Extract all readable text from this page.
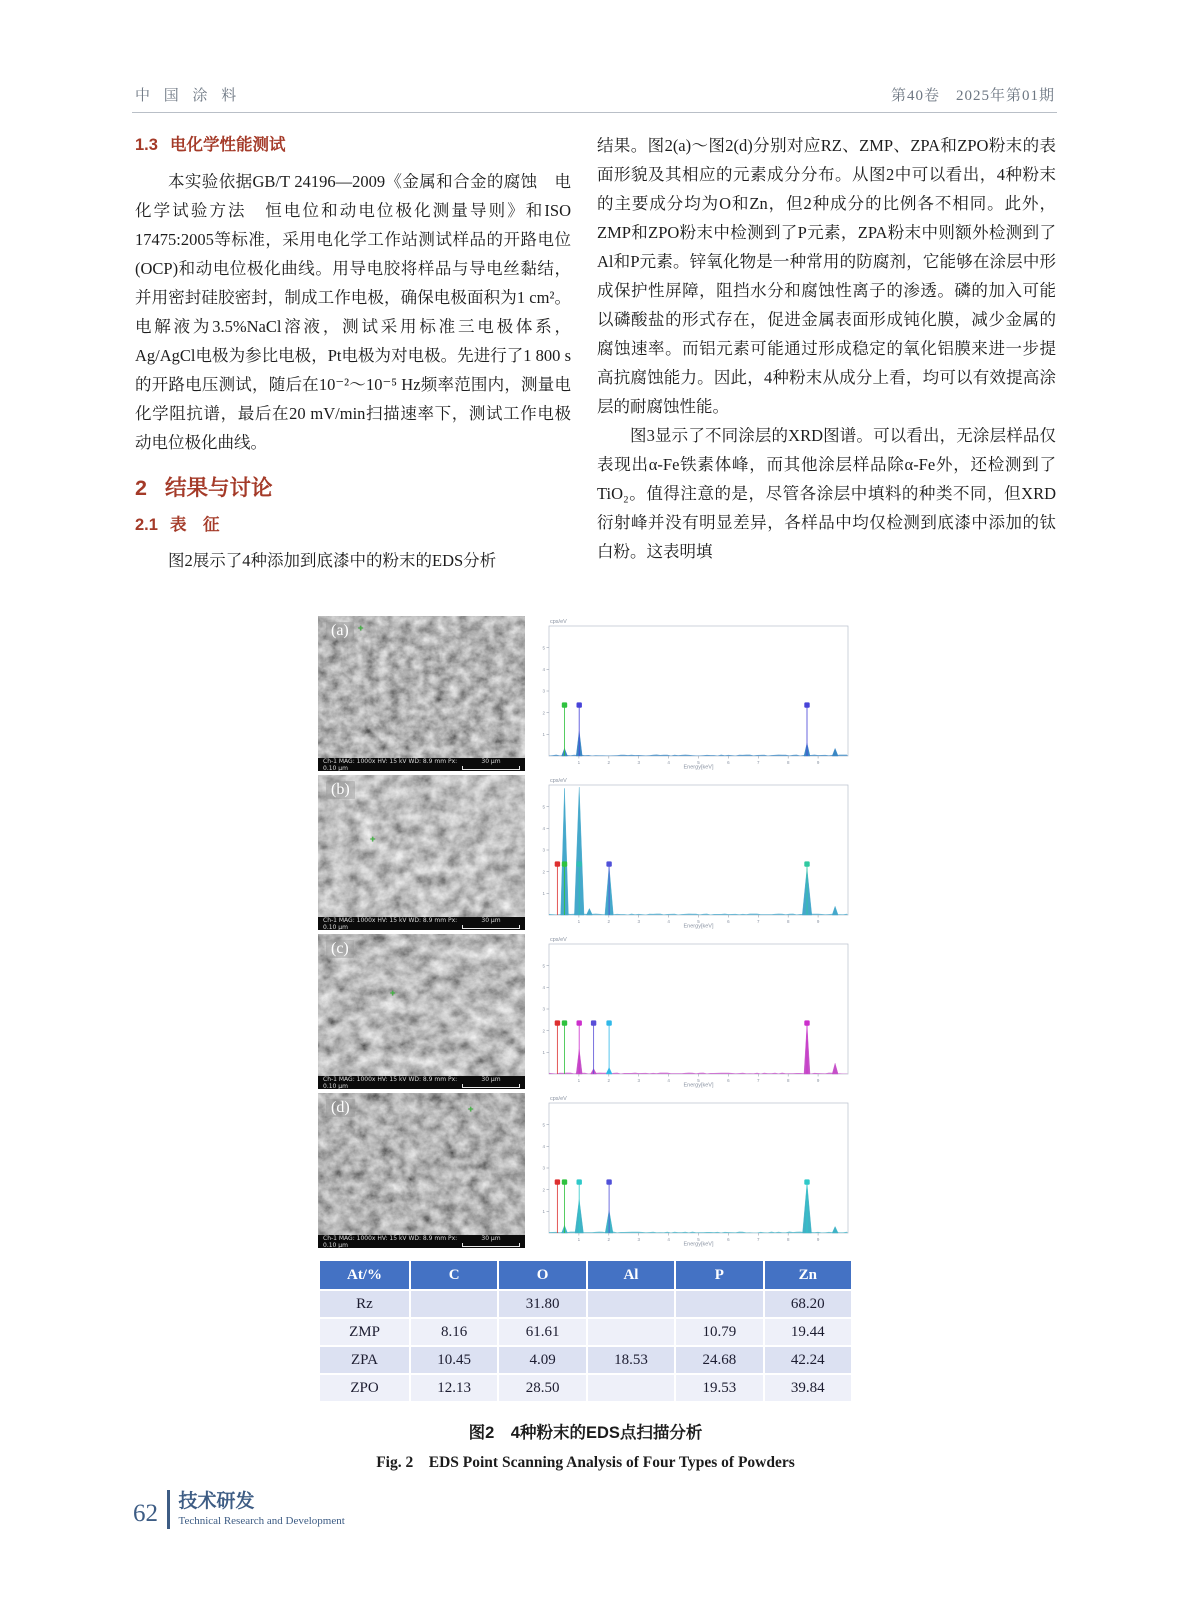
中 国 涂 料	第40卷　2025年第01期
1.3 电化学性能测试

本实验依据GB/T 24196—2009《金属和合金的腐蚀　电化学试验方法　恒电位和动电位极化测量导则》和ISO 17475:2005等标准，采用电化学工作站测试样品的开路电位(OCP)和动电位极化曲线。用导电胶将样品与导电丝黏结，并用密封硅胶密封，制成工作电极，确保电极面积为1 cm²。电解液为3.5%NaCl溶液，测试采用标准三电极体系，Ag/AgCl电极为参比电极，Pt电极为对电极。先进行了1 800 s的开路电压测试，随后在10⁻²～10⁻⁵ Hz频率范围内，测量电化学阻抗谱，最后在20 mV/min扫描速率下，测试工作电极动电位极化曲线。

2 结果与讨论
2.1 表　征

图2展示了4种添加到底漆中的粉末的EDS分析

结果。图2(a)～图2(d)分别对应RZ、ZMP、ZPA和ZPO粉末的表面形貌及其相应的元素成分分布。从图2中可以看出，4种粉末的主要成分均为O和Zn，但2种成分的比例各不相同。此外，ZMP和ZPO粉末中检测到了P元素，ZPA粉末中则额外检测到了Al和P元素。锌氧化物是一种常用的防腐剂，它能够在涂层中形成保护性屏障，阻挡水分和腐蚀性离子的渗透。磷的加入可能以磷酸盐的形式存在，促进金属表面形成钝化膜，减少金属的腐蚀速率。而铝元素可能通过形成稳定的氧化铝膜来进一步提高抗腐蚀能力。因此，4种粉末从成分上看，均可以有效提高涂层的耐腐蚀性能。

图3显示了不同涂层的XRD图谱。可以看出，无涂层样品仅表现出α-Fe铁素体峰，而其他涂层样品除α-Fe外，还检测到了TiO₂。值得注意的是，尽管各涂层中填料的种类不同，但XRD衍射峰并没有明显差异，各样品中均仅检测到底漆中添加的钛白粉。这表明填

(a)	+
Ch-1 MAG: 1000x HV: 15 kV WD: 8.9 mm Px: 0.10 μm
30 μm
cps/eV
Energy[keV]
1	2	3	4	5	6	7	8	9
1
2
3
4
5
(b)
+
Ch-1 MAG: 1000x HV: 15 kV WD: 8.9 mm Px: 0.10 μm
30 μm
cps/eV
Energy[keV]
1	2	3	4	5	6	7	8	9
1
2
3
4
5
(c)
+
Ch-1 MAG: 1000x HV: 15 kV WD: 8.9 mm Px: 0.10 μm
30 μm
cps/eV
Energy[keV]
1	2	3	4	5	6	7	8	9
1
2
3
4
5
(d)	+
Ch-1 MAG: 1000x HV: 15 kV WD: 8.9 mm Px: 0.10 μm
30 μm
cps/eV
Energy[keV]
1	2	3	4	5	6	7	8	9
1
2
3
4
5
At/%	C	O	Al	P	Zn
Rz		31.80			68.20
ZMP	8.16	61.61		10.79	19.44
ZPA	10.45	4.09	18.53	24.68	42.24
ZPO	12.13	28.50		19.53	39.84
图2　4种粉末的EDS点扫描分析
Fig. 2　EDS Point Scanning Analysis of Four Types of Powders
62 技术研发
Technical Research and Development
